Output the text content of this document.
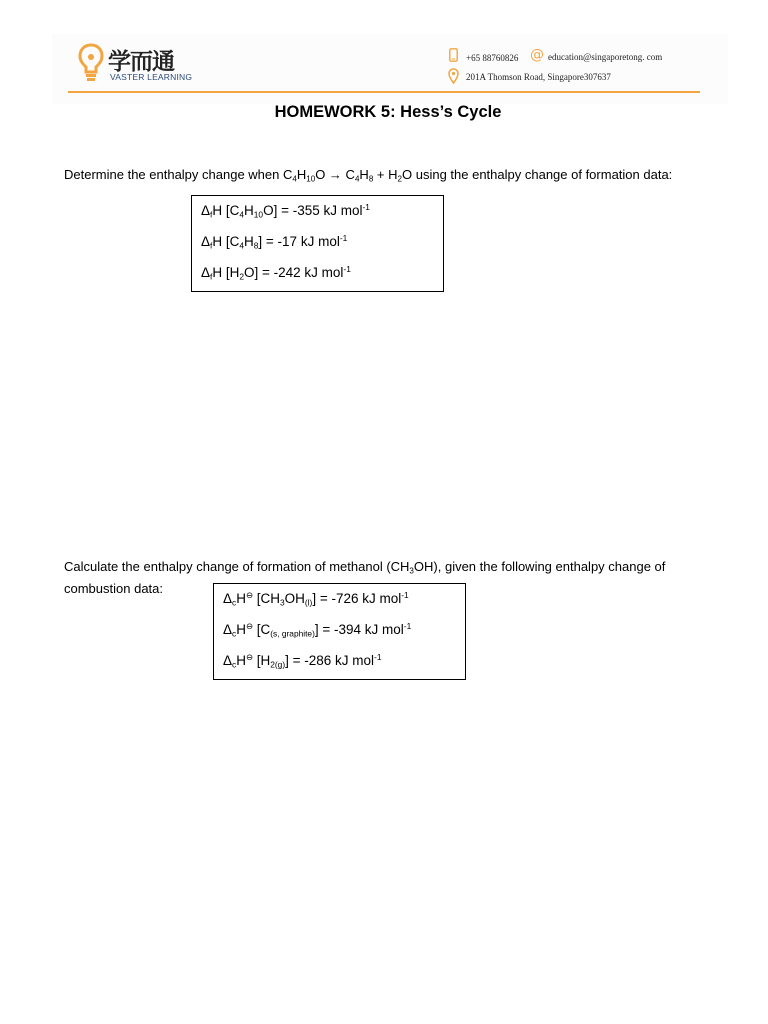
学而通
VASTER LEARNING
+65 88760826 @ education@singaporetong. com
201A Thomson Road, Singapore307637
HOMEWORK 5: Hess’s Cycle
Determine the enthalpy change when $C_4H_{10}O \to C_4H_8 + H_2O$ using the enthalpy change of formation data:
$\Delta_fH$ $[C_4H_{10}O] = -355$ kJ mol$^{-1}$
$\Delta_fH$ $[C_4H_8] = -17$ kJ mol$^{-1}$
$\Delta_fH$ $[H_2O] = -242$ kJ mol$^{-1}$
Calculate the enthalpy change of formation of methanol $(CH_3OH)$, given the following enthalpy change of combustion data:
$\Delta_cH^⊖$ $[CH_3OH_{(l)}] = -726$ kJ mol$^{-1}$
$\Delta_cH^⊖$ $[C_{(s, graphite)}] = -394$ kJ mol$^{-1}$
$\Delta_cH^⊖$ $[H_{2(g)}] = -286$ kJ mol$^{-1}$
